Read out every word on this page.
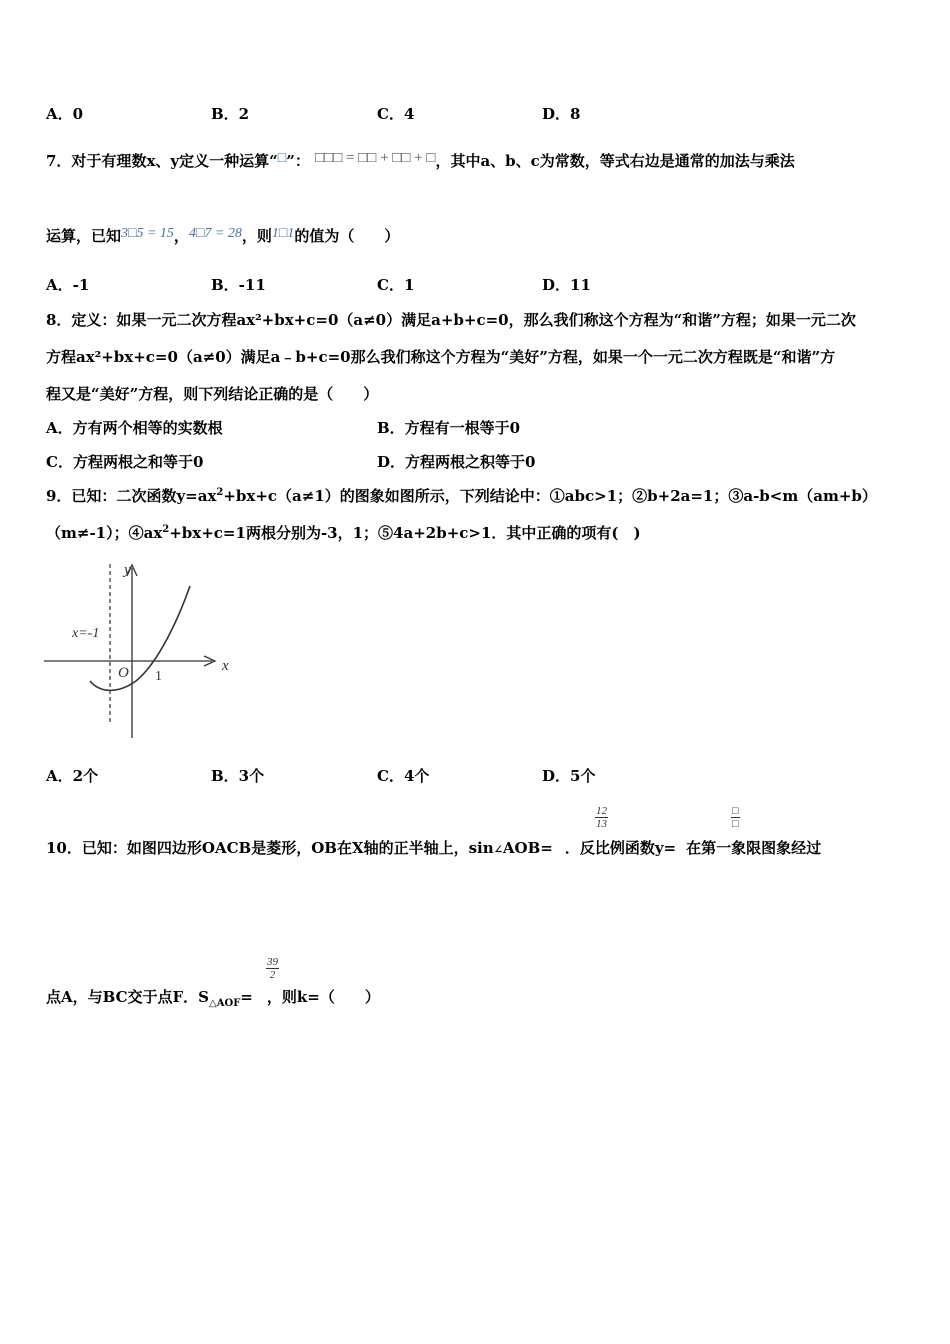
A．0	B．2	C．4	D．8
7．对于有理数x、y定义一种运算“□”： □□□ = □□ + □□ + □，其中a、b、c为常数，等式右边是通常的加法与乘法
运算，已知3□5 = 15，4□7 = 28，则1□1的值为（　　）
A．-1	B．-11	C．1	D．11
8．定义：如果一元二次方程ax²+bx+c=0（a≠0）满足a+b+c=0，那么我们称这个方程为“和谐”方程；如果一元二次
方程ax²+bx+c=0（a≠0）满足a﹣b+c=0那么我们称这个方程为“美好”方程，如果一个一元二次方程既是“和谐”方
程又是“美好”方程，则下列结论正确的是（　　）
A．方有两个相等的实数根	B．方程有一根等于0
C．方程两根之和等于0	D．方程两根之积等于0
9．已知：二次函数$y=ax^2+bx+c(a\ne 1)$的图象如图所示，下列结论中：①abc>1；②b+2a=1；③a-b<m（am+b）
（m≠-1）；$④ax^2+bx+c=1$两根分别为-3，1；⑤4a+2b+c>1．其中正确的项有(　)
y
x
O
x=-1
1
A．2个	B．3个	C．4个	D．5个
10．已知：如图四边形OACB是菱形，OB在X轴的正半轴上，sin∠AOB= ．反比例函数y= 在第一象限图象经过
$\frac{12}{13}$	□
□
点A，与BC交于点F．$S_{\triangle AOF}=$ ，则k=（　　）
$\frac{39}{2}$
